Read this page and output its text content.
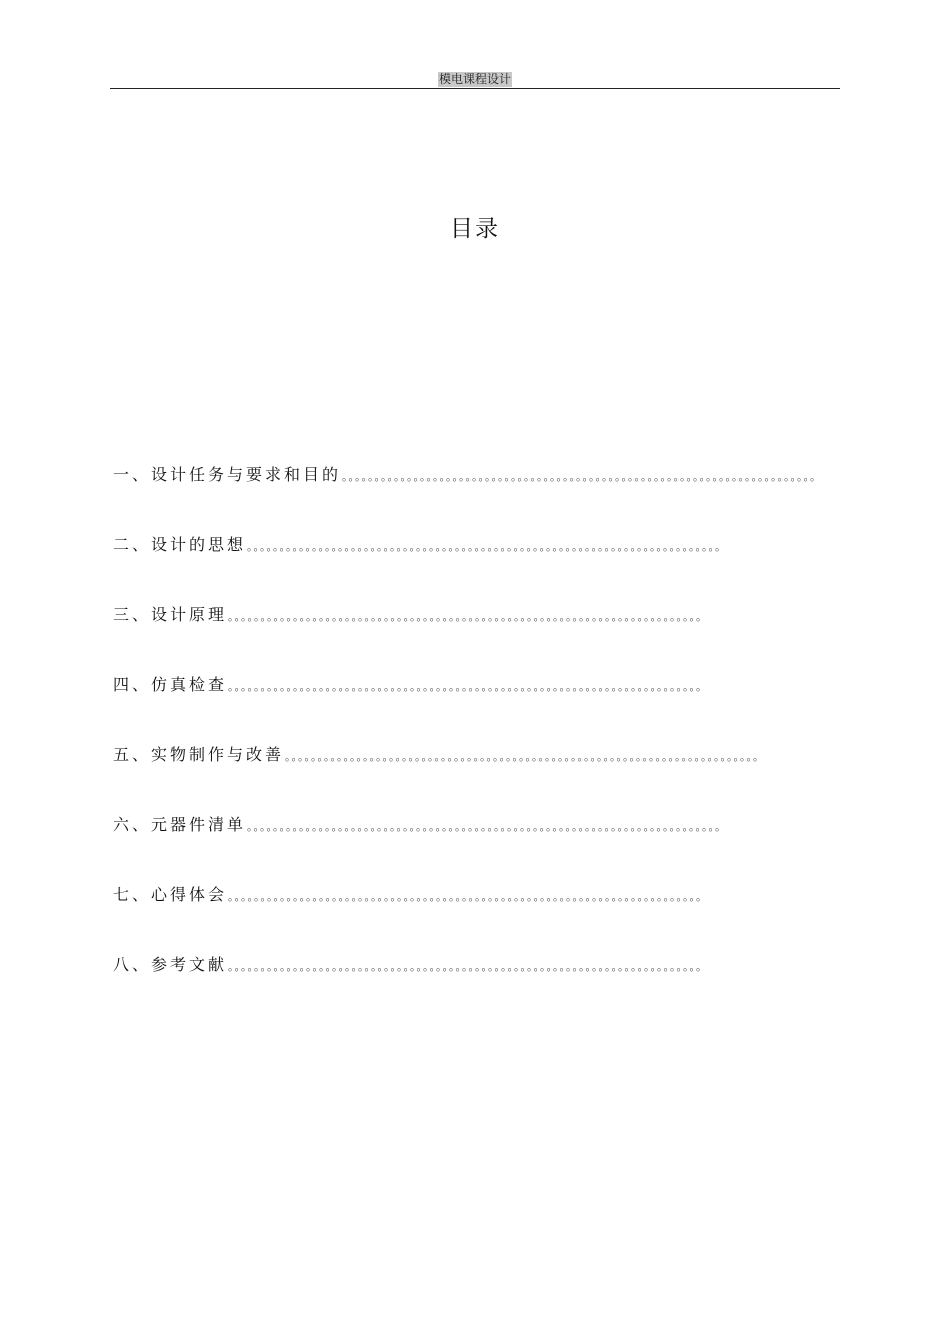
模电课程设计
目录
一、设计任务与要求和目的
。。。。。。。。。。。。。。。。。。。。。。。。。。。。。。。。。。。。。。。。。。。。。。。。。。。。。。。。。。。。。。。。。。。。。。。。。
二、设计的思想
。。。。。。。。。。。。。。。。。。。。。。。。。。。。。。。。。。。。。。。。。。。。。。。。。。。。。。。。。。。。。。。。。。。。。。。。。
三、设计原理
。。。。。。。。。。。。。。。。。。。。。。。。。。。。。。。。。。。。。。。。。。。。。。。。。。。。。。。。。。。。。。。。。。。。。。。。。
四、仿真检查
。。。。。。。。。。。。。。。。。。。。。。。。。。。。。。。。。。。。。。。。。。。。。。。。。。。。。。。。。。。。。。。。。。。。。。。。。
五、实物制作与改善
。。。。。。。。。。。。。。。。。。。。。。。。。。。。。。。。。。。。。。。。。。。。。。。。。。。。。。。。。。。。。。。。。。。。。。。。。
六、元器件清单
。。。。。。。。。。。。。。。。。。。。。。。。。。。。。。。。。。。。。。。。。。。。。。。。。。。。。。。。。。。。。。。。。。。。。。。。。
七、心得体会
。。。。。。。。。。。。。。。。。。。。。。。。。。。。。。。。。。。。。。。。。。。。。。。。。。。。。。。。。。。。。。。。。。。。。。。。。
八、参考文献
。。。。。。。。。。。。。。。。。。。。。。。。。。。。。。。。。。。。。。。。。。。。。。。。。。。。。。。。。。。。。。。。。。。。。。。。。
